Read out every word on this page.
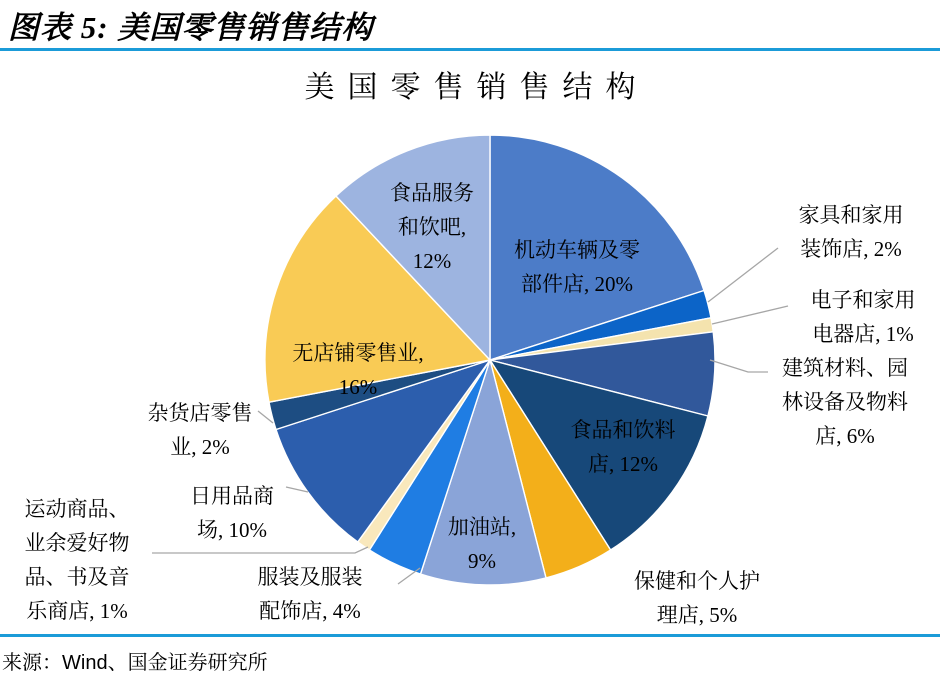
图表 5: 美国零售销售结构
美国零售销售结构
机动车辆及零
部件店, 20%
家具和家用
装饰店, 2%
电子和家用
电器店, 1%
建筑材料、园
林设备及物料
店, 6%
食品和饮料
店, 12%
保健和个人护
理店, 5%
加油站,
9%
服装及服装
配饰店, 4%
运动商品、
业余爱好物
品、书及音
乐商店, 1%
日用品商
场, 10%
杂货店零售
业, 2%
无店铺零售业,
16%
食品服务
和饮吧,
12%
来源：Wind、国金证券研究所
